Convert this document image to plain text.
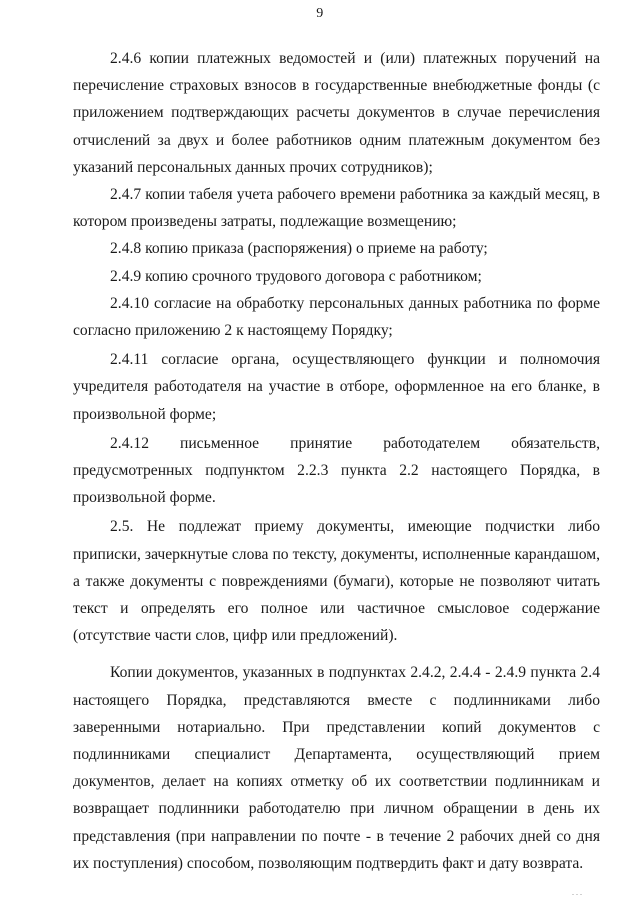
9

2.4.6 копии платежных ведомостей и (или) платежных поручений на перечисление страховых взносов в государственные внебюджетные фонды (с приложением подтверждающих расчеты документов в случае перечисления отчислений за двух и более работников одним платежным документом без указаний персональных данных прочих сотрудников);

2.4.7 копии табеля учета рабочего времени работника за каждый месяц, в котором произведены затраты, подлежащие возмещению;

2.4.8 копию приказа (распоряжения) о приеме на работу;

2.4.9 копию срочного трудового договора с работником;

2.4.10 согласие на обработку персональных данных работника по форме согласно приложению 2 к настоящему Порядку;

2.4.11 согласие органа, осуществляющего функции и полномочия учредителя работодателя на участие в отборе, оформленное на его бланке, в произвольной форме;

2.4.12 письменное принятие работодателем обязательств, предусмотренных подпунктом 2.2.3 пункта 2.2 настоящего Порядка, в произвольной форме.

2.5. Не подлежат приему документы, имеющие подчистки либо приписки, зачеркнутые слова по тексту, документы, исполненные карандашом, а также документы с повреждениями (бумаги), которые не позволяют читать текст и определять его полное или частичное смысловое содержание (отсутствие части слов, цифр или предложений).

Копии документов, указанных в подпунктах 2.4.2, 2.4.4 - 2.4.9 пункта 2.4 настоящего Порядка, представляются вместе с подлинниками либо заверенными нотариально. При представлении копий документов с подлинниками специалист Департамента, осуществляющий прием документов, делает на копиях отметку об их соответствии подлинникам и возвращает подлинники работодателю при личном обращении в день их представления (при направлении по почте - в течение 2 рабочих дней со дня их поступления) способом, позволяющим подтвердить факт и дату возврата.

...
